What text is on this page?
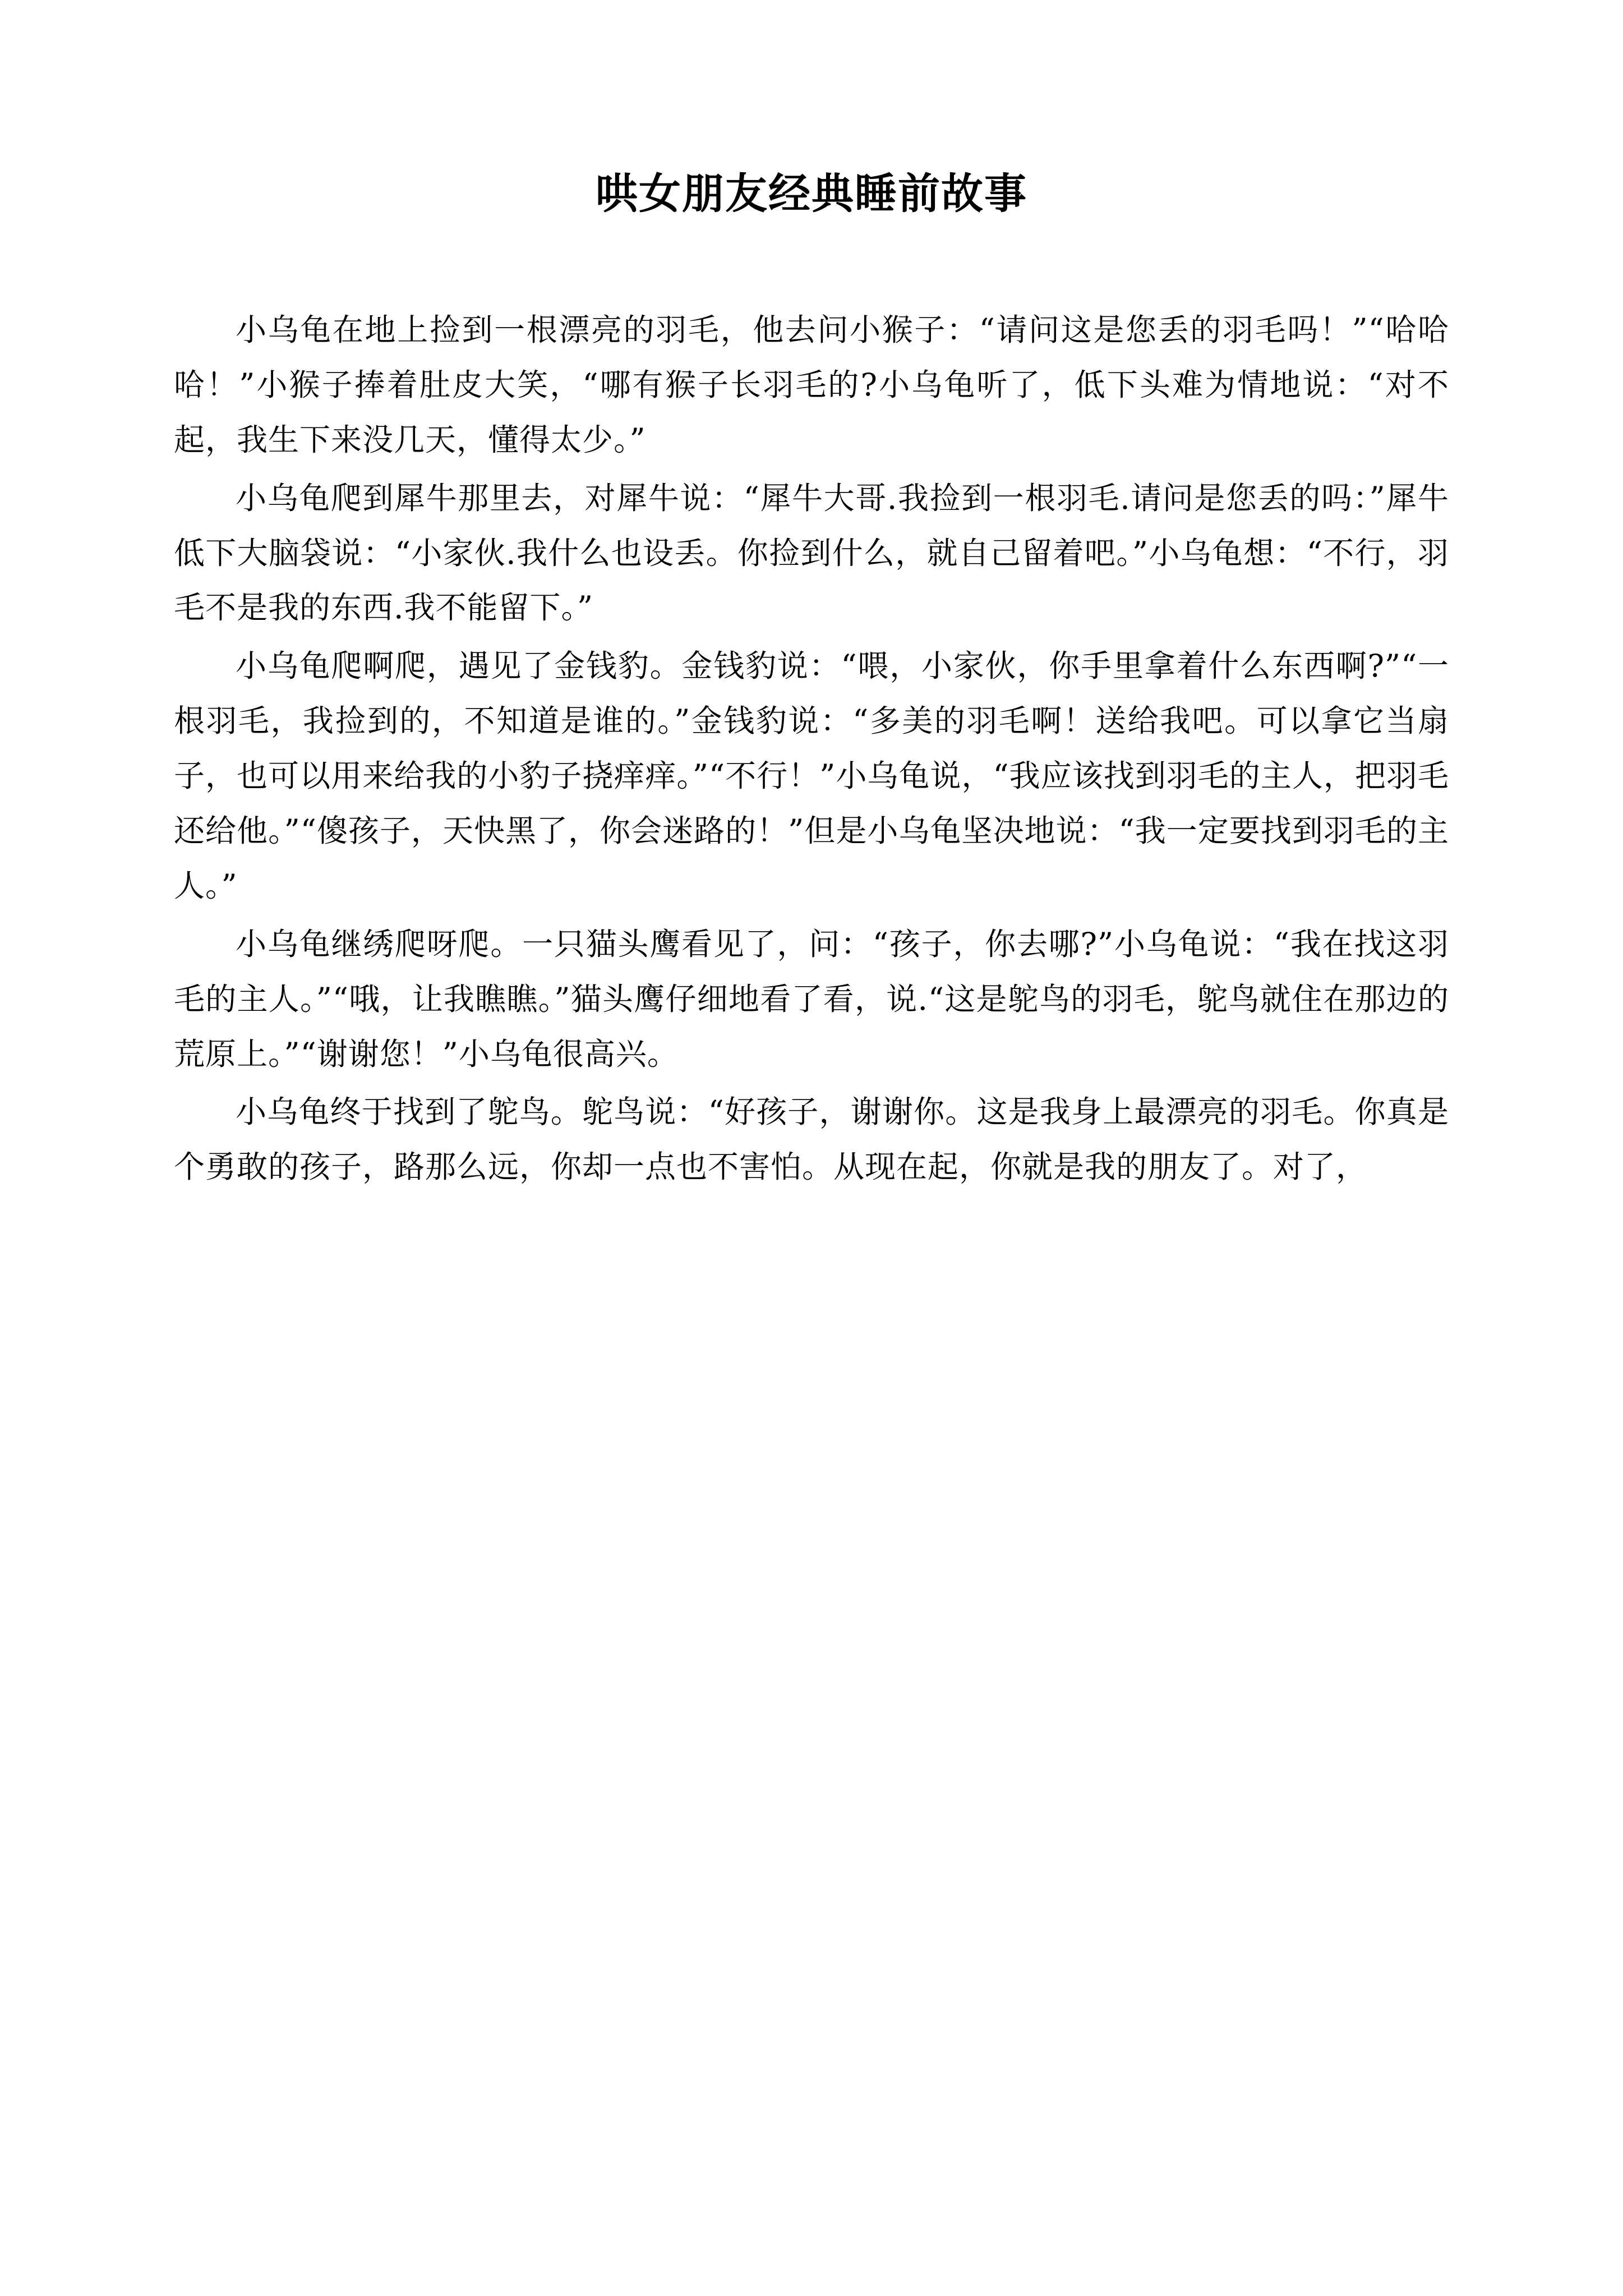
哄女朋友经典睡前故事

小乌龟在地上捡到一根漂亮的羽毛，他去问小猴子：“请问这是您丢的羽毛吗！”“哈哈哈！”小猴子捧着肚皮大笑，“哪有猴子长羽毛的?小乌龟听了，低下头难为情地说：“对不起，我生下来没几天，懂得太少。”

小乌龟爬到犀牛那里去，对犀牛说：“犀牛大哥.我捡到一根羽毛.请问是您丢的吗：”犀牛低下大脑袋说：“小家伙.我什么也设丢。你捡到什么，就自己留着吧。”小乌龟想：“不行，羽毛不是我的东西.我不能留下。”

小乌龟爬啊爬，遇见了金钱豹。金钱豹说：“喂，小家伙，你手里拿着什么东西啊?”“一根羽毛，我捡到的，不知道是谁的。”金钱豹说：“多美的羽毛啊！送给我吧。可以拿它当扇子，也可以用来给我的小豹子挠痒痒。”“不行！”小乌龟说，“我应该找到羽毛的主人，把羽毛还给他。”“傻孩子，天快黑了，你会迷路的！”但是小乌龟坚决地说：“我一定要找到羽毛的主人。”

小乌龟继绣爬呀爬。一只猫头鹰看见了，问：“孩子，你去哪?”小乌龟说：“我在找这羽毛的主人。”“哦，让我瞧瞧。”猫头鹰仔细地看了看，说.“这是鸵鸟的羽毛，鸵鸟就住在那边的荒原上。”“谢谢您！”小乌龟很高兴。

小乌龟终于找到了鸵鸟。鸵鸟说：“好孩子，谢谢你。这是我身上最漂亮的羽毛。你真是个勇敢的孩子，路那么远，你却一点也不害怕。从现在起，你就是我的朋友了。对了，
